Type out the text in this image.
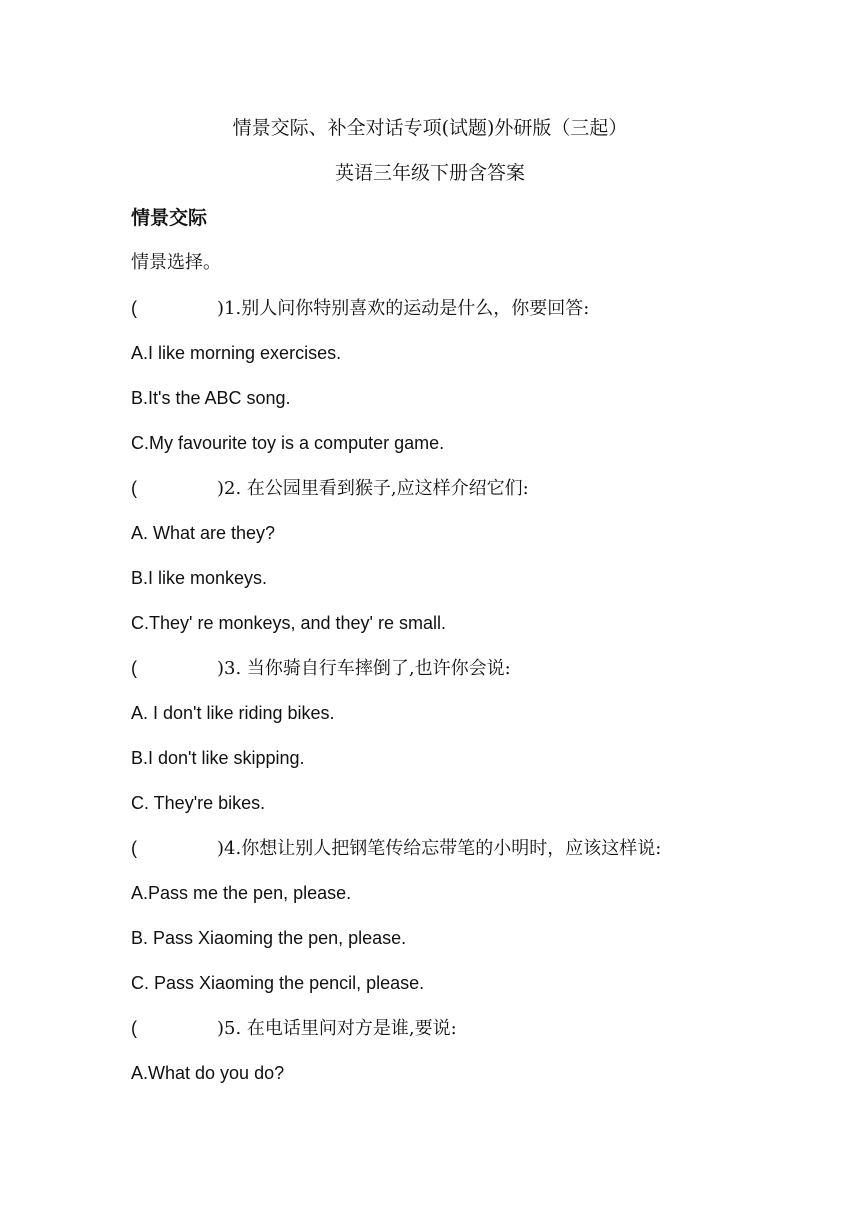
情景交际、补全对话专项(试题)外研版（三起）
英语三年级下册含答案
情景交际
情景选择。
(	)1.别人问你特别喜欢的运动是什么，你要回答:
A.I like morning exercises.
B.It's the ABC song.
C.My favourite toy is a computer game.
(	)2. 在公园里看到猴子,应这样介绍它们:
A. What are they?
B.I like monkeys.
C.They' re monkeys, and they' re small.
(	)3. 当你骑自行车摔倒了,也许你会说:
A. I don't like riding bikes.
B.I don't like skipping.
C. They're bikes.
(	)4.你想让别人把钢笔传给忘带笔的小明时，应该这样说:
A.Pass me the pen, please.
B. Pass Xiaoming the pen, please.
C. Pass Xiaoming the pencil, please.
(	)5. 在电话里问对方是谁,要说:
A.What do you do?
